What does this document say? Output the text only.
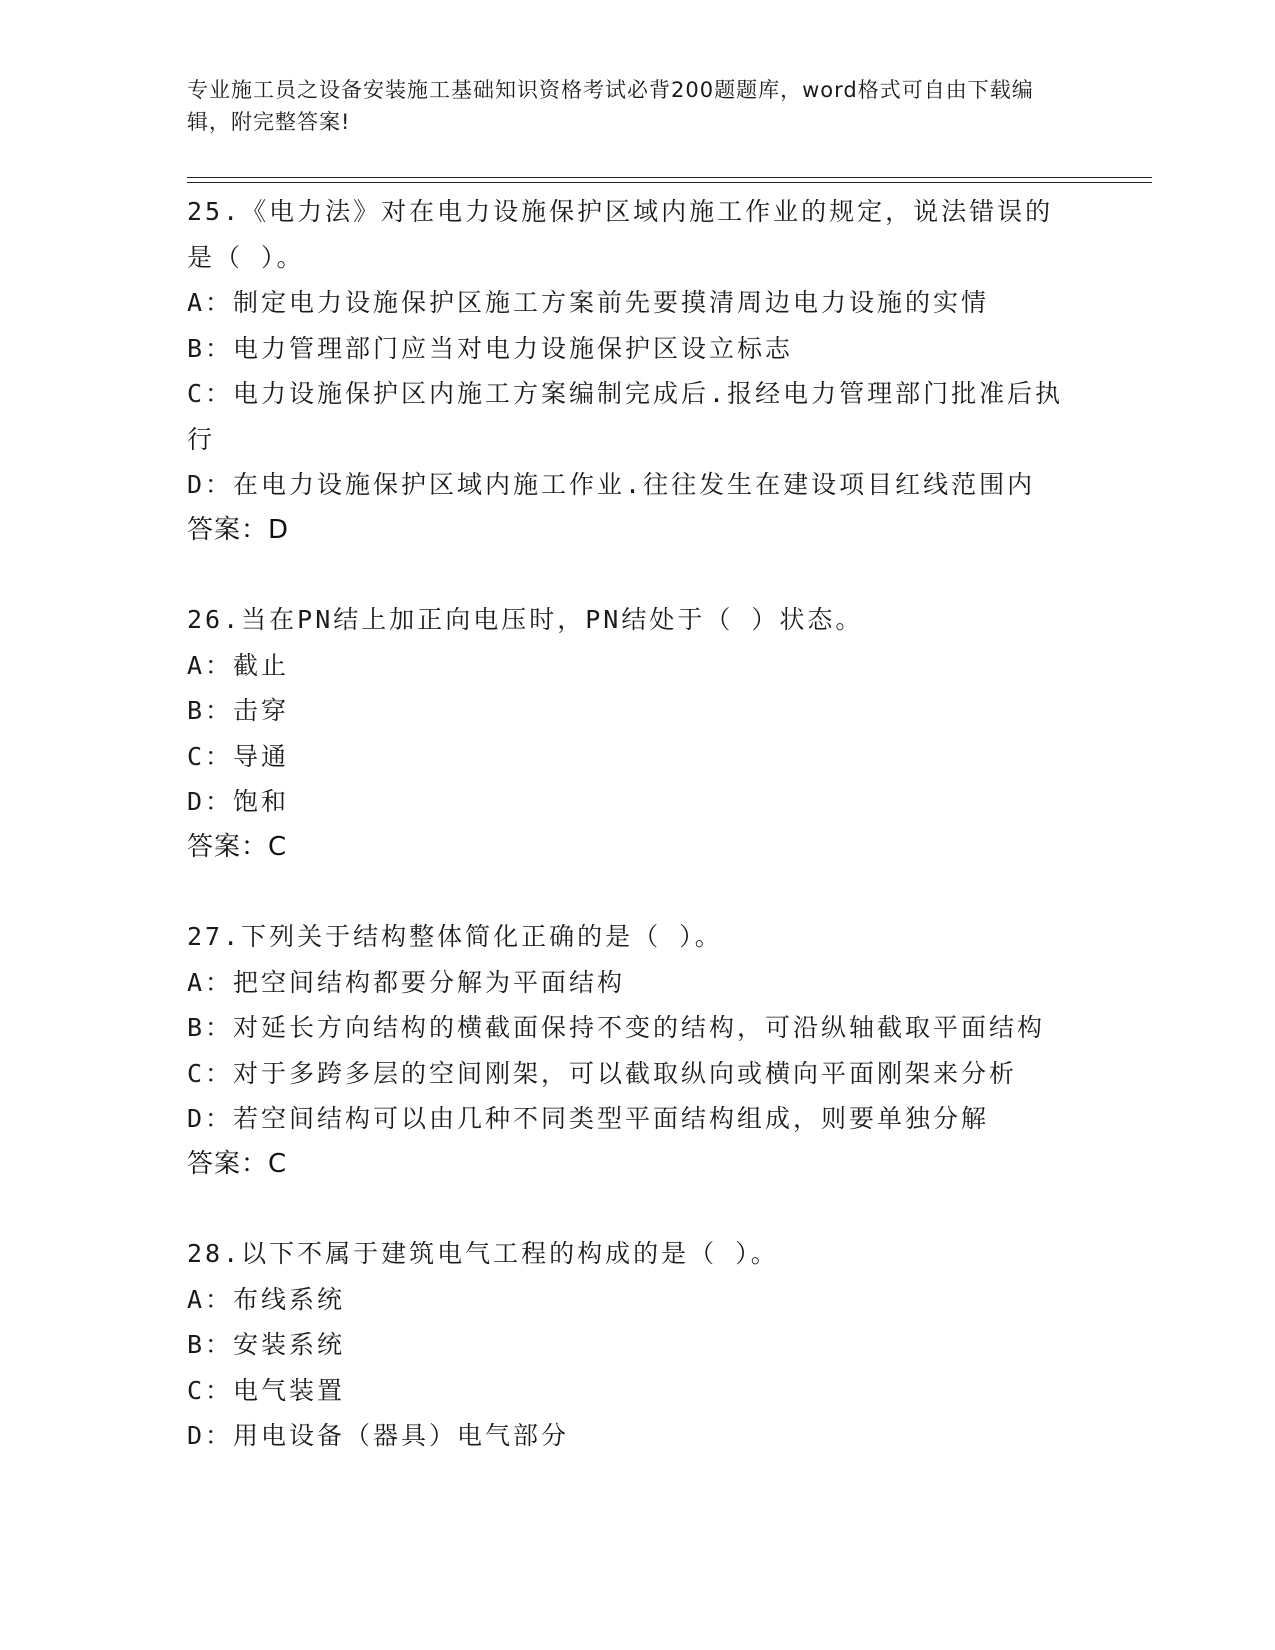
专业施工员之设备安装施工基础知识资格考试必背200题题库，word格式可自由下载编辑，附完整答案!
25.《电力法》对在电力设施保护区域内施工作业的规定，说法错误的是（ ）。
A：制定电力设施保护区施工方案前先要摸清周边电力设施的实情
B：电力管理部门应当对电力设施保护区设立标志
C：电力设施保护区内施工方案编制完成后.报经电力管理部门批准后执行
D：在电力设施保护区域内施工作业.往往发生在建设项目红线范围内
答案：D
26.当在PN结上加正向电压时，PN结处于（ ）状态。
A：截止
B：击穿
C：导通
D：饱和
答案：C
27.下列关于结构整体简化正确的是（ ）。
A：把空间结构都要分解为平面结构
B：对延长方向结构的横截面保持不变的结构，可沿纵轴截取平面结构
C：对于多跨多层的空间刚架，可以截取纵向或横向平面刚架来分析
D：若空间结构可以由几种不同类型平面结构组成，则要单独分解
答案：C
28.以下不属于建筑电气工程的构成的是（ ）。
A：布线系统
B：安装系统
C：电气装置
D：用电设备（器具）电气部分
